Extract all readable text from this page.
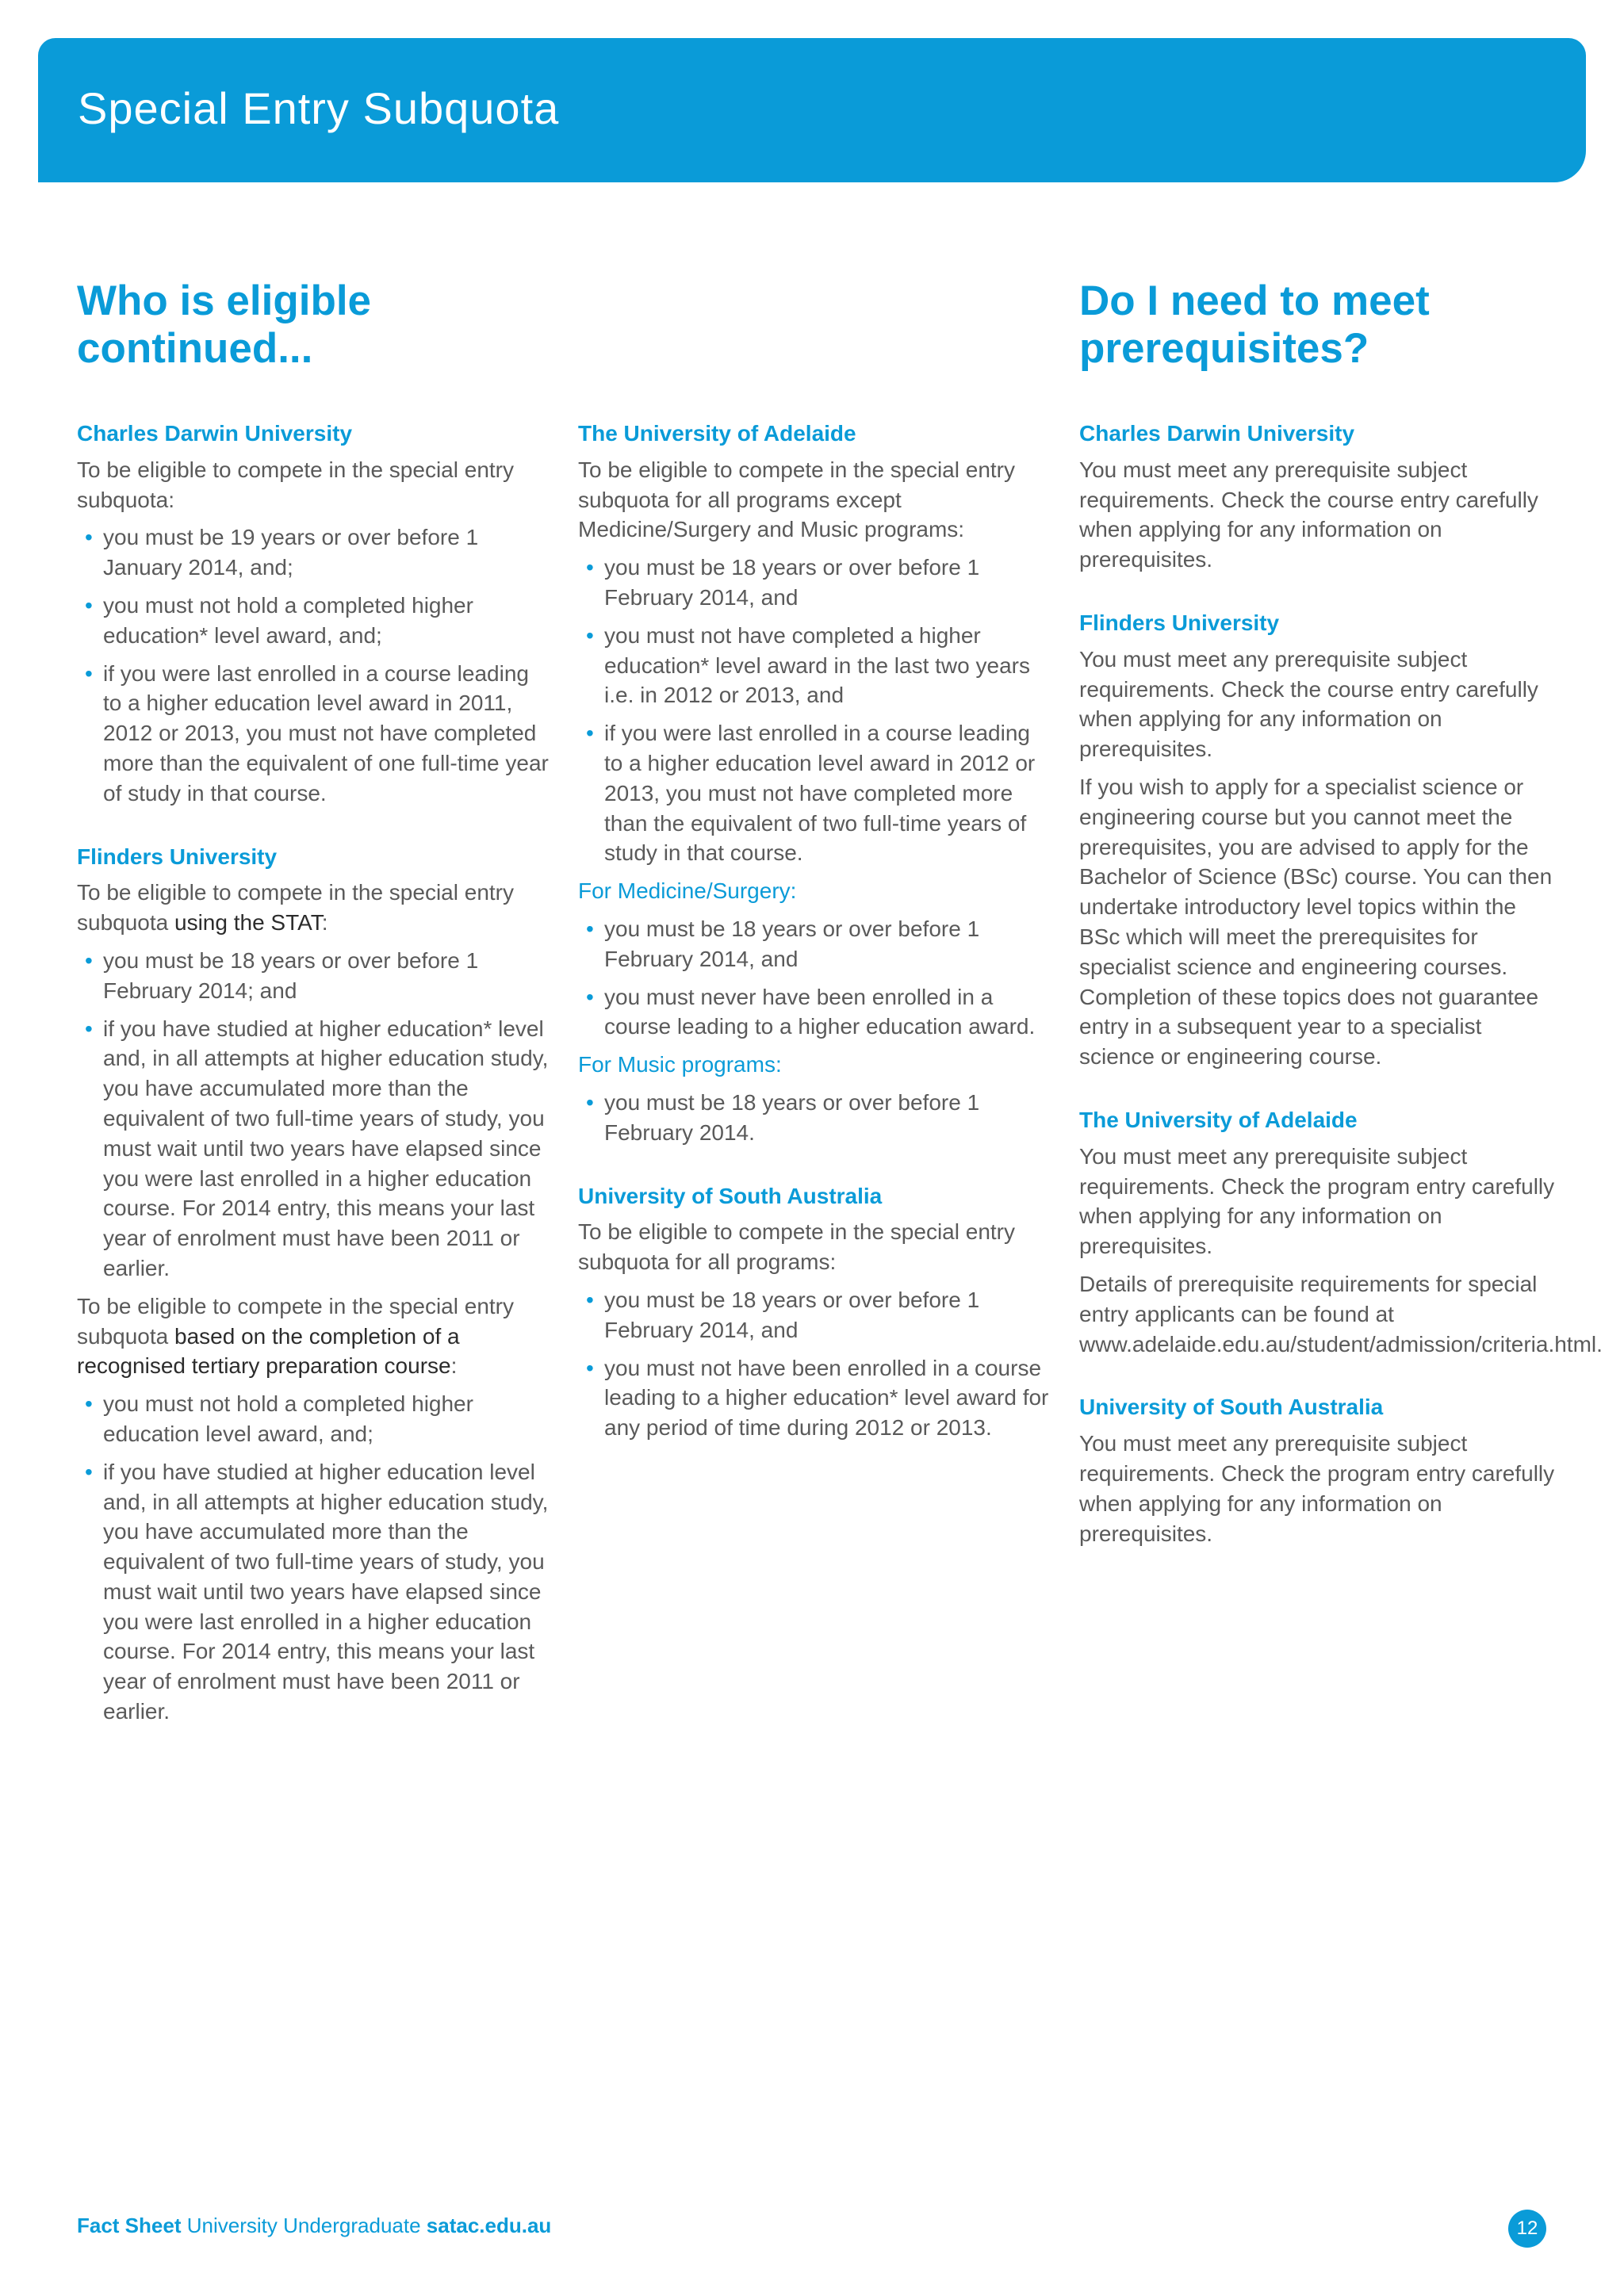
Special Entry Subquota
Who is eligible
continued...
Do I need to meet
prerequisites?
Charles Darwin University

To be eligible to compete in the special entry subquota:

• you must be 19 years or over before 1 January 2014, and;
• you must not hold a completed higher education* level award, and;
• if you were last enrolled in a course leading to a higher education level award in 2011, 2012 or 2013, you must not have completed more than the equivalent of one full-time year of study in that course.
Flinders University

To be eligible to compete in the special entry subquota using the STAT:

• you must be 18 years or over before 1 February 2014; and
• if you have studied at higher education* level and, in all attempts at higher education study, you have accumulated more than the equivalent of two full-time years of study, you must wait until two years have elapsed since you were last enrolled in a higher education course. For 2014 entry, this means your last year of enrolment must have been 2011 or earlier.

To be eligible to compete in the special entry subquota based on the completion of a recognised tertiary preparation course:

• you must not hold a completed higher education level award, and;
• if you have studied at higher education level and, in all attempts at higher education study, you have accumulated more than the equivalent of two full-time years of study, you must wait until two years have elapsed since you were last enrolled in a higher education course. For 2014 entry, this means your last year of enrolment must have been 2011 or earlier.
The University of Adelaide

To be eligible to compete in the special entry subquota for all programs except Medicine/Surgery and Music programs:

• you must be 18 years or over before 1 February 2014, and
• you must not have completed a higher education* level award in the last two years i.e. in 2012 or 2013, and
• if you were last enrolled in a course leading to a higher education level award in 2012 or 2013, you must not have completed more than the equivalent of two full-time years of study in that course.

For Medicine/Surgery:

• you must be 18 years or over before 1 February 2014, and
• you must never have been enrolled in a course leading to a higher education award.

For Music programs:

• you must be 18 years or over before 1 February 2014.
University of South Australia

To be eligible to compete in the special entry subquota for all programs:

• you must be 18 years or over before 1 February 2014, and
• you must not have been enrolled in a course leading to a higher education* level award for any period of time during 2012 or 2013.
Charles Darwin University

You must meet any prerequisite subject requirements. Check the course entry carefully when applying for any information on prerequisites.

Flinders University

You must meet any prerequisite subject requirements. Check the course entry carefully when applying for any information on prerequisites.

If you wish to apply for a specialist science or engineering course but you cannot meet the prerequisites, you are advised to apply for the Bachelor of Science (BSc) course. You can then undertake introductory level topics within the BSc which will meet the prerequisites for specialist science and engineering courses. Completion of these topics does not guarantee entry in a subsequent year to a specialist science or engineering course.

The University of Adelaide

You must meet any prerequisite subject requirements. Check the program entry carefully when applying for any information on prerequisites.

Details of prerequisite requirements for special entry applicants can be found at www.adelaide.edu.au/student/admission/criteria.html.

University of South Australia

You must meet any prerequisite subject requirements. Check the program entry carefully when applying for any information on prerequisites.

Fact Sheet University Undergraduate satac.edu.au	12
